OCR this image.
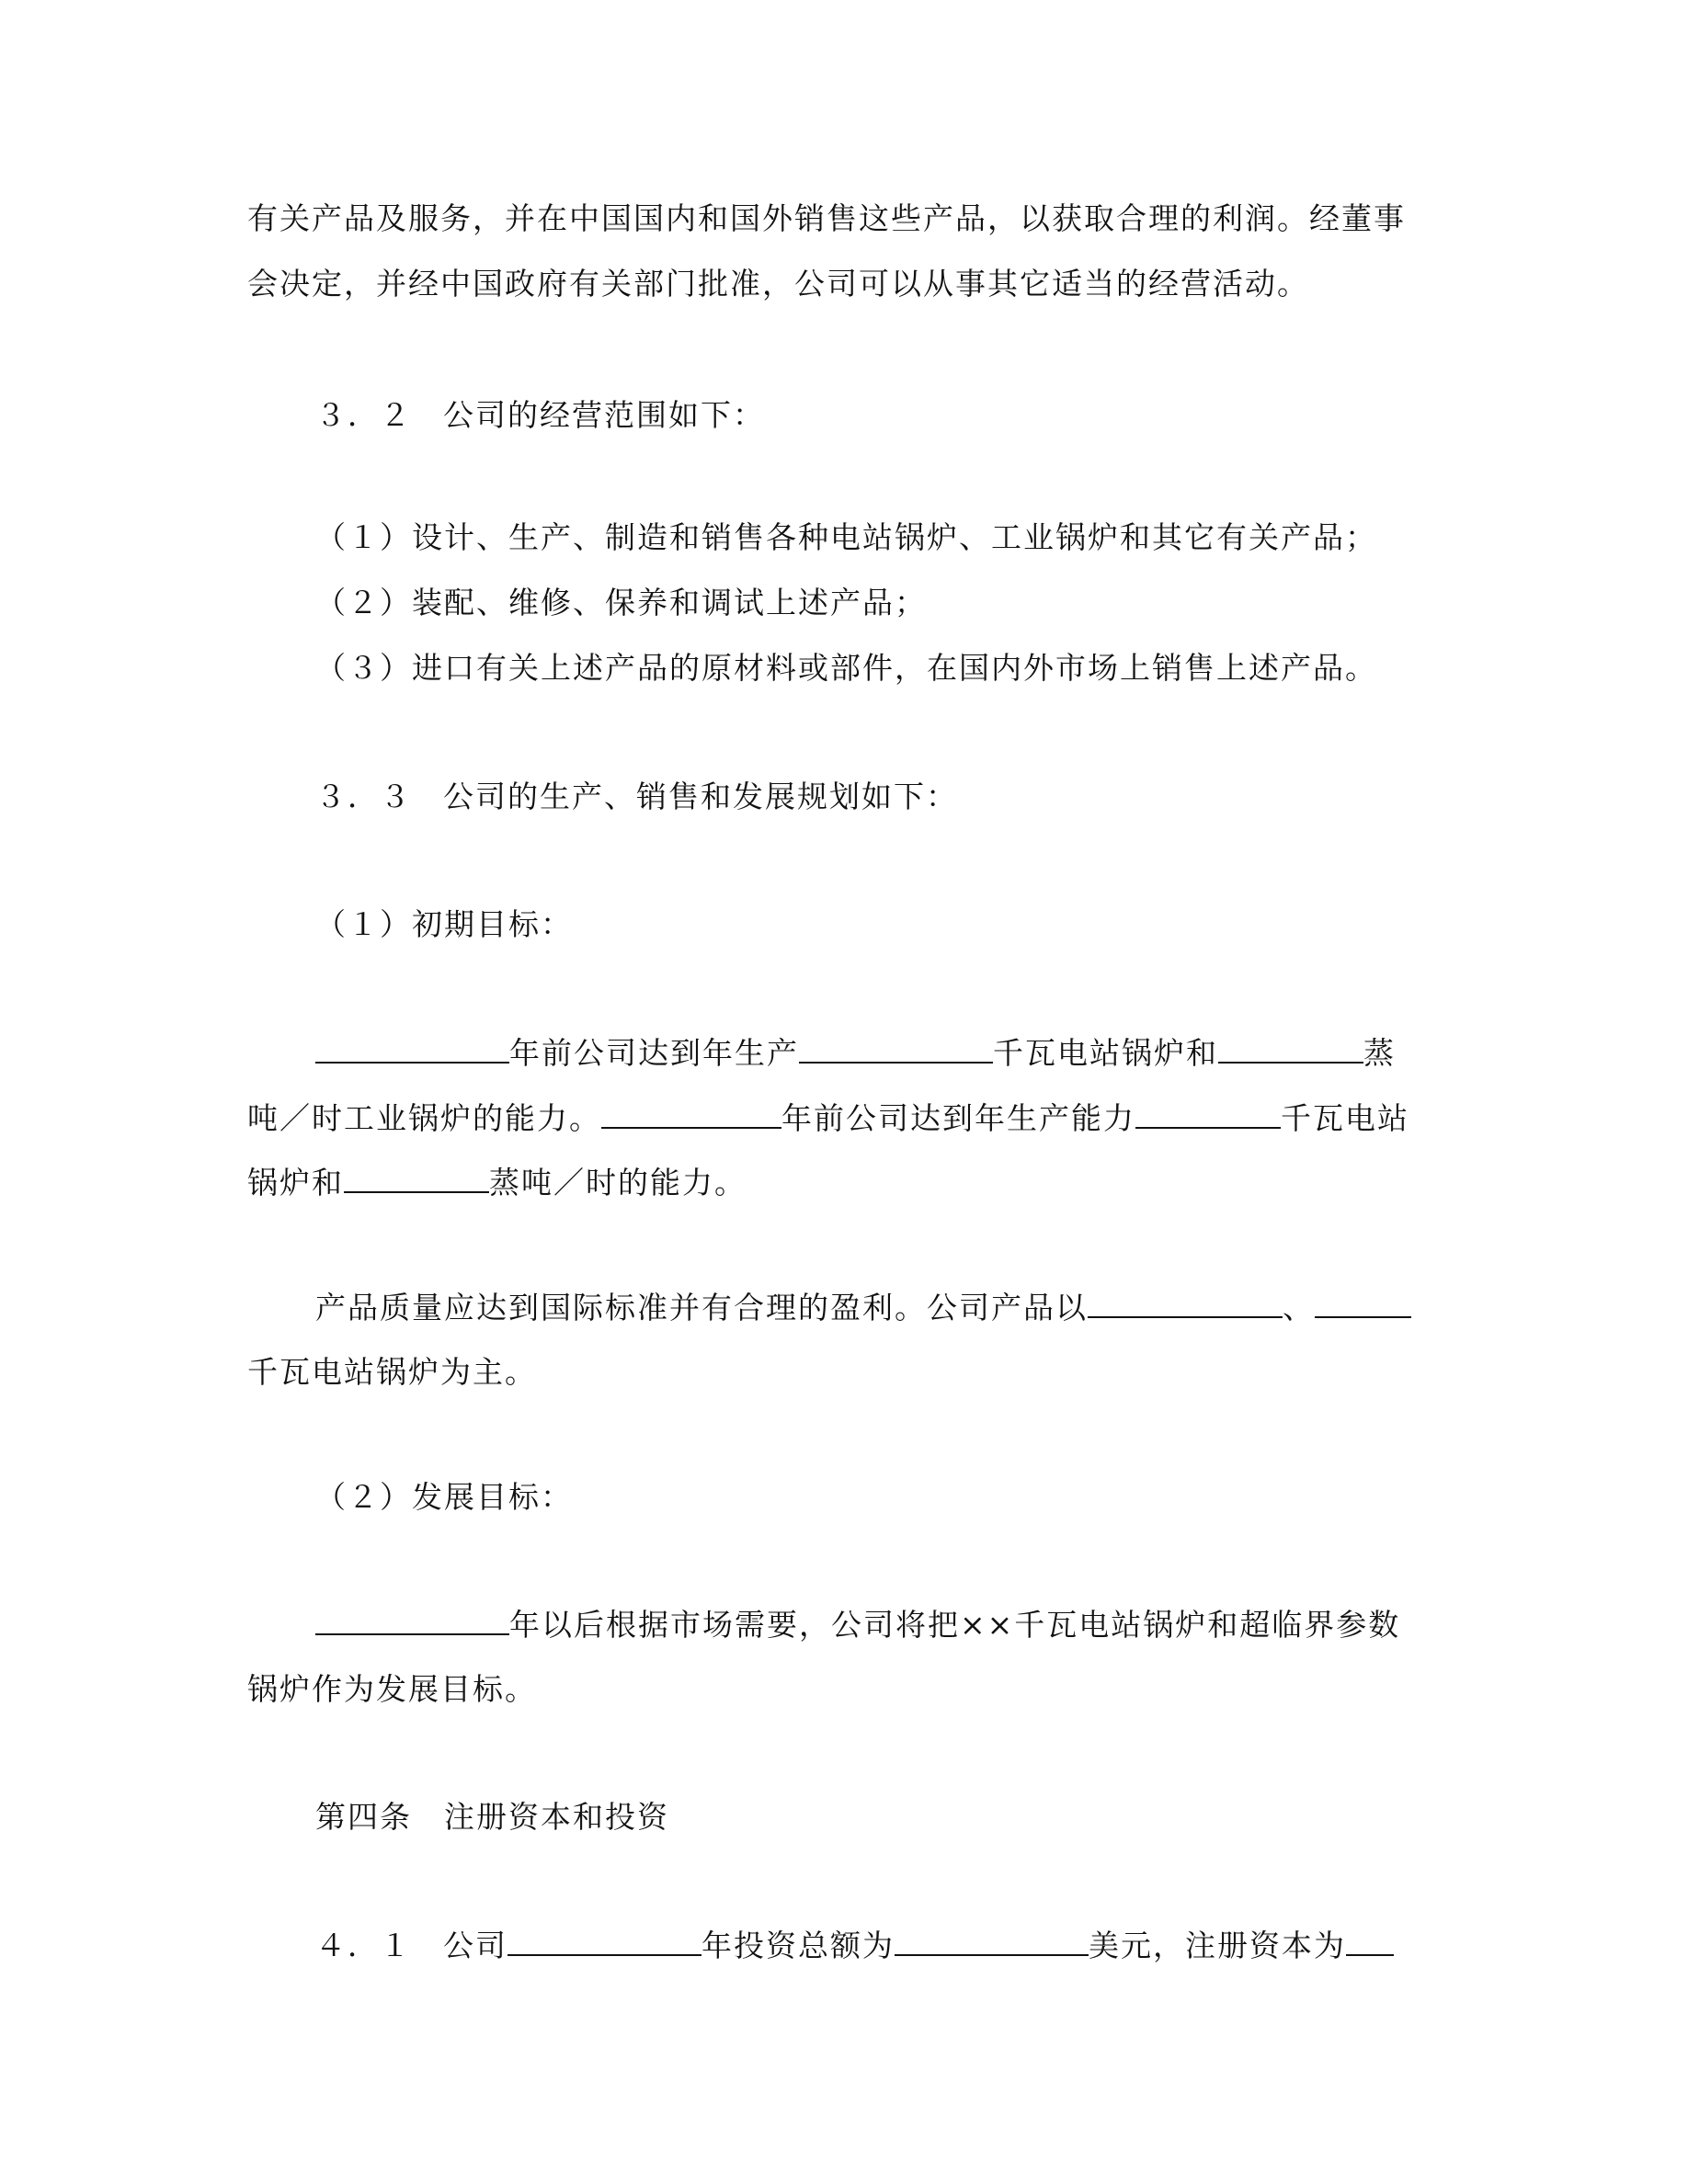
有关产品及服务，并在中国国内和国外销售这些产品，以获取合理的利润。经董事
会决定，并经中国政府有关部门批准，公司可以从事其它适当的经营活动。
３．２ 公司的经营范围如下：
（１）设计、生产、制造和销售各种电站锅炉、工业锅炉和其它有关产品；
（２）装配、维修、保养和调试上述产品；
（３）进口有关上述产品的原材料或部件，在国内外市场上销售上述产品。
３．３ 公司的生产、销售和发展规划如下：
（１）初期目标：
年前公司达到年生产	千瓦电站锅炉和	蒸
吨／时工业锅炉的能力。	年前公司达到年生产能力	千瓦电站
锅炉和	蒸吨／时的能力。
产品质量应达到国际标准并有合理的盈利。公司产品以	、
千瓦电站锅炉为主。
（２）发展目标：
年以后根据市场需要，公司将把××千瓦电站锅炉和超临界参数
锅炉作为发展目标。
第四条　注册资本和投资
４．１ 公司	年投资总额为	美元，注册资本为
